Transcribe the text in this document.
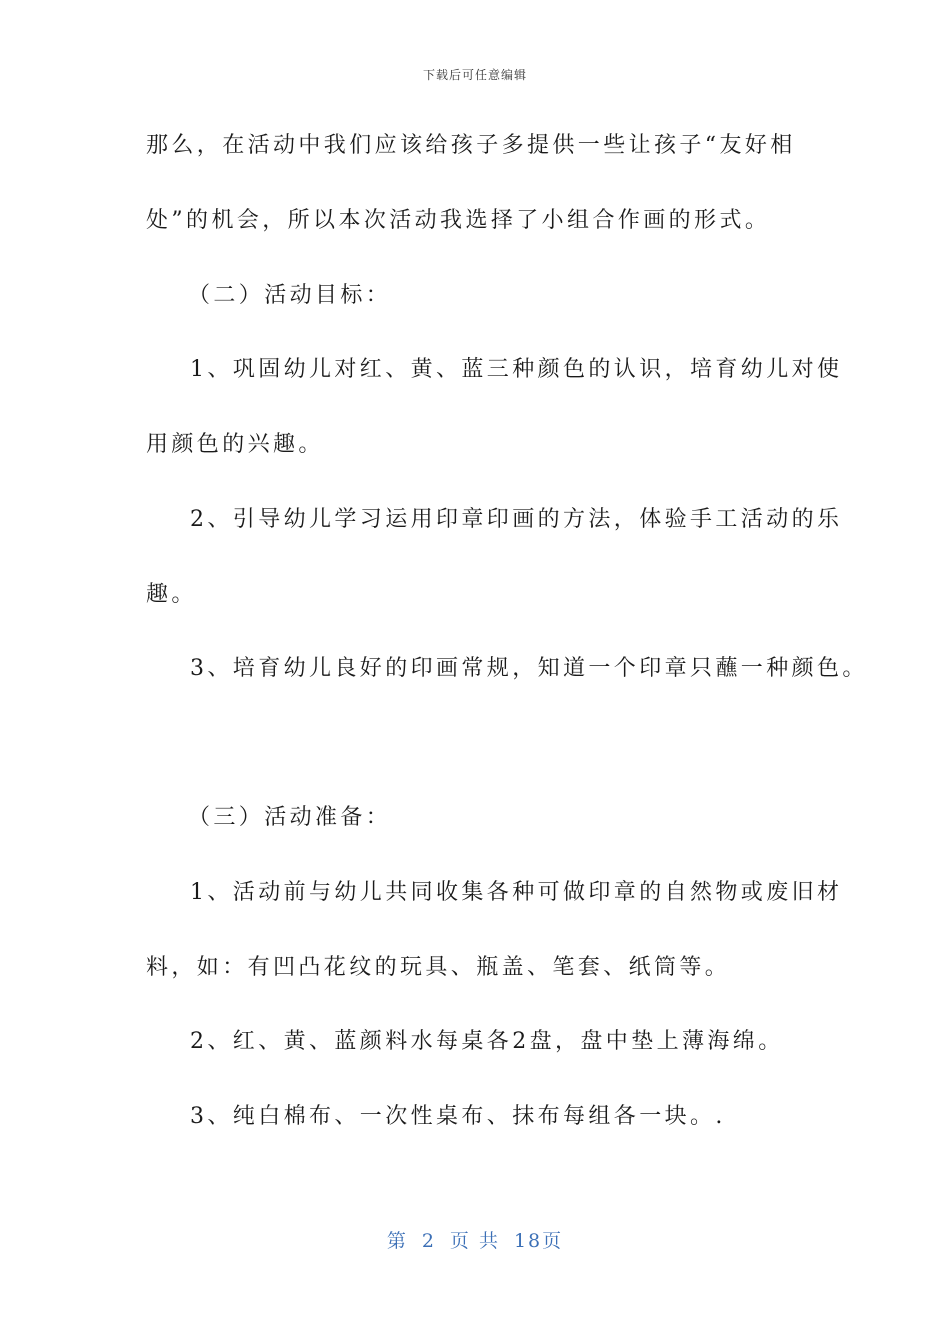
下载后可任意编辑
那么，在活动中我们应该给孩子多提供一些让孩子“友好相
处”的机会，所以本次活动我选择了小组合作画的形式。
（二）活动目标：
1、巩固幼儿对红、黄、蓝三种颜色的认识，培育幼儿对使
用颜色的兴趣。
2、引导幼儿学习运用印章印画的方法，体验手工活动的乐
趣。
3、培育幼儿良好的印画常规，知道一个印章只蘸一种颜色。
（三）活动准备：
1、活动前与幼儿共同收集各种可做印章的自然物或废旧材
料，如：有凹凸花纹的玩具、瓶盖、笔套、纸筒等。
2、红、黄、蓝颜料水每桌各2盘，盘中垫上薄海绵。
3、纯白棉布、一次性桌布、抹布每组各一块。.
第 2 页 共 18页
